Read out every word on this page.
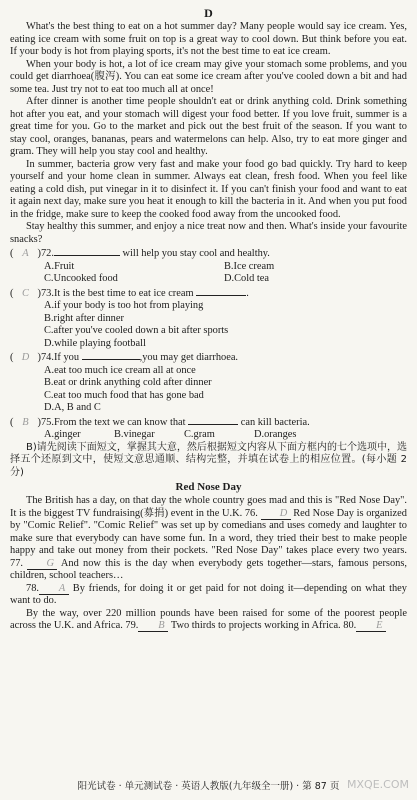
D

What's the best thing to eat on a hot summer day? Many people would say ice cream. Yes, eating ice cream with some fruit on top is a great way to cool down. But think before you eat. If your body is hot from playing sports, it's not the best time to eat ice cream.

When your body is hot, a lot of ice cream may give your stomach some problems, and you could get diarrhoea(腹泻). You can eat some ice cream after you've cooled down a bit and had some tea. Just try not to eat too much all at once!

After dinner is another time people shouldn't eat or drink anything cold. Drink something hot after you eat, and your stomach will digest your food better. If you love fruit, summer is a great time for you. Go to the market and pick out the best fruit of the season. If you want to stay cool, oranges, bananas, pears and watermelons can help. Also, try to eat more ginger and gram. They will help you stay cool and healthy.

In summer, bacteria grow very fast and make your food go bad quickly. Try hard to keep yourself and your home clean in summer. Always eat clean, fresh food. When you feel like eating a cold dish, put vinegar in it to disinfect it. If you can't finish your food and want to eat it again next day, make sure you heat it enough to kill the bacteria in it. And when you put food in the fridge, make sure to keep the cooked food away from the uncooked food.

Stay healthy this summer, and enjoy a nice treat now and then. What's inside your favourite snacks?

( A )72.	will help you stay cool and healthy.
A.Fruit	B.Ice cream
C.Uncooked food	D.Cold tea
( C )73.It is the best time to eat ice cream	.
A.if your body is too hot from playing
B.right after dinner
C.after you've cooled down a bit after sports
D.while playing football
( D )74.If you	,you may get diarrhoea.
A.eat too much ice cream all at once
B.eat or drink anything cold after dinner
C.eat too much food that has gone bad
D.A, B and C
( B )75.From the text we can know that	can kill bacteria.
A.ginger	B.vinegar	C.gram	D.oranges

B)请先阅读下面短文，掌握其大意，然后根据短文内容从下面方框内的七个选项中，选择五个还原到文中，使短文意思通顺、结构完整，并填在试卷上的相应位置。(每小题 2 分)

Red Nose Day

The British has a day, on that day the whole country goes mad and this is "Red Nose Day". It is the biggest TV fundraising(募捐) event in the U.K. 76. D Red Nose Day is organized by "Comic Relief". "Comic Relief" was set up by comedians and uses comedy and laughter to make sure that everybody can have some fun. In a word, they tried their best to make people happy and take out money from their pockets. "Red Nose Day" takes place every two years. 77. G And now this is the day when everybody gets together—stars, famous persons, children, school teachers…

78. A By friends, for doing it or get paid for not doing it—depending on what they want to do.

By the way, over 220 million pounds have been raised for some of the poorest people across the U.K. and Africa. 79. B Two thirds to projects working in Africa. 80. E

阳光试卷 · 单元测试卷 · 英语人教版(九年级全一册) · 第 87 页 MXQE.COM
